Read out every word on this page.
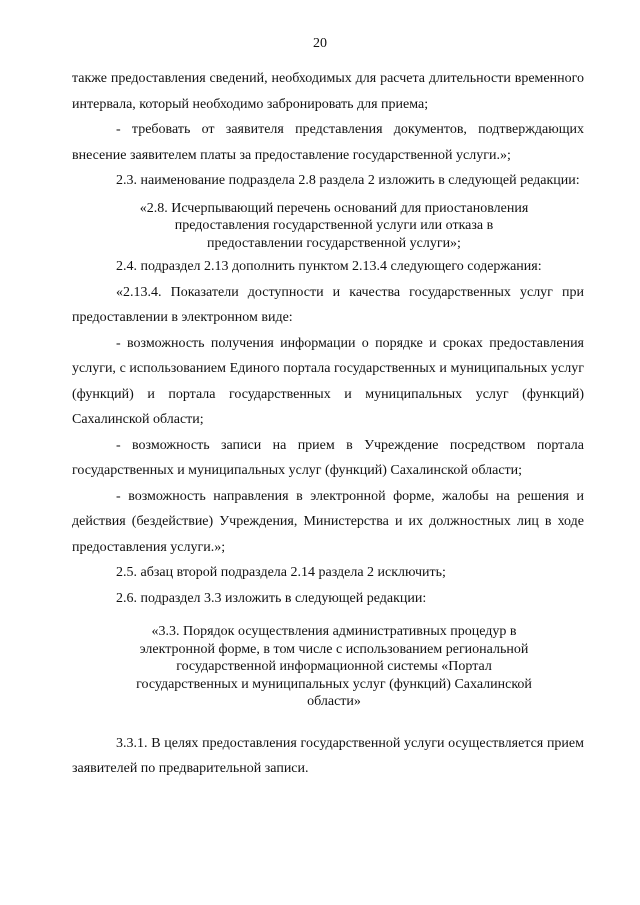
20

также предоставления сведений, необходимых для расчета длительности временного интервала, который необходимо забронировать для приема;

- требовать от заявителя представления документов, подтверждающих внесение заявителем платы за предоставление государственной услуги.»;

2.3. наименование подраздела 2.8 раздела 2 изложить в следующей редакции:

«2.8. Исчерпывающий перечень оснований для приостановления предоставления государственной услуги или отказа в предоставлении государственной услуги»;

2.4. подраздел 2.13 дополнить пунктом 2.13.4 следующего содержания:

«2.13.4. Показатели доступности и качества государственных услуг при предоставлении в электронном виде:

- возможность получения информации о порядке и сроках предоставления услуги, с использованием Единого портала государственных и муниципальных услуг (функций) и портала государственных и муниципальных услуг (функций) Сахалинской области;

- возможность записи на прием в Учреждение посредством портала государственных и муниципальных услуг (функций) Сахалинской области;

- возможность направления в электронной форме, жалобы на решения и действия (бездействие) Учреждения, Министерства и их должностных лиц в ходе предоставления услуги.»;

2.5. абзац второй подраздела 2.14 раздела 2 исключить;

2.6. подраздел 3.3 изложить в следующей редакции:

«3.3. Порядок осуществления административных процедур в электронной форме, в том числе с использованием региональной государственной информационной системы «Портал государственных и муниципальных услуг (функций) Сахалинской области»

3.3.1. В целях предоставления государственной услуги осуществляется прием заявителей по предварительной записи.
